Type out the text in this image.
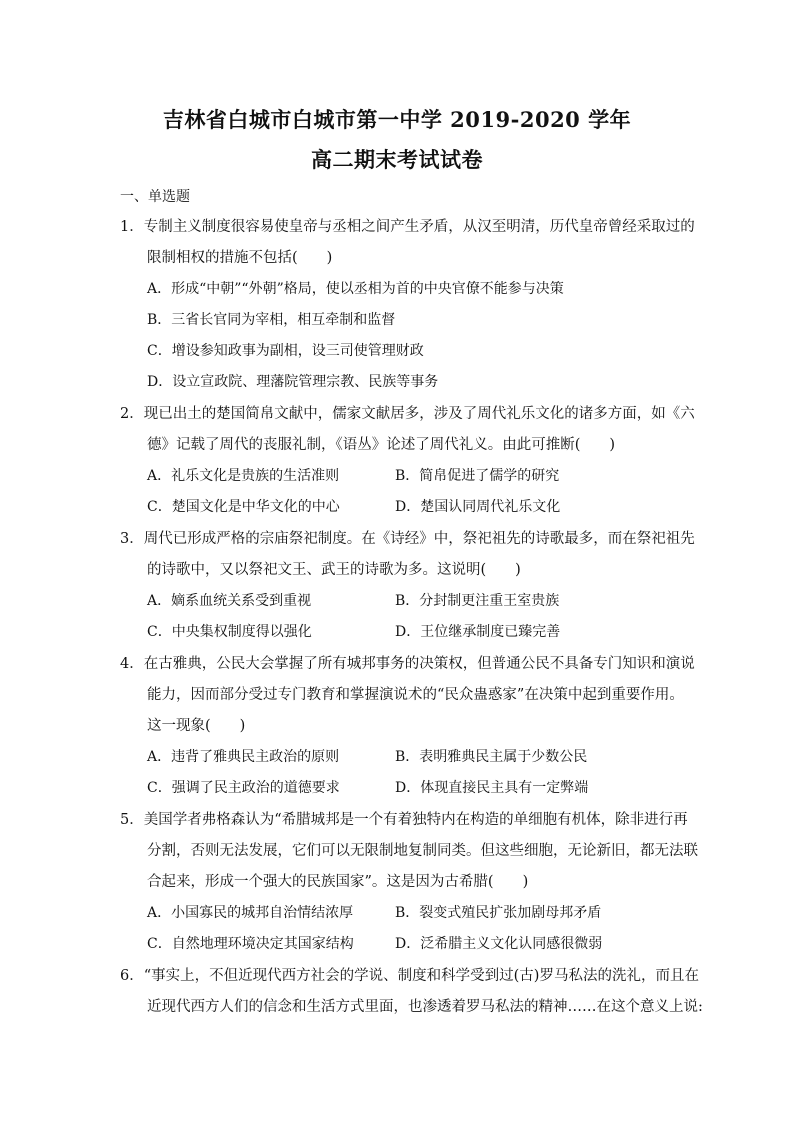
吉林省白城市白城市第一中学 2019-2020 学年
高二期末考试试卷
一、单选题
1．专制主义制度很容易使皇帝与丞相之间产生矛盾，从汉至明清，历代皇帝曾经采取过的
限制相权的措施不包括(　　)
A．形成“中朝”“外朝”格局，使以丞相为首的中央官僚不能参与决策
B．三省长官同为宰相，相互牵制和监督
C．增设参知政事为副相，设三司使管理财政
D．设立宣政院、理藩院管理宗教、民族等事务
2．现已出土的楚国简帛文献中，儒家文献居多，涉及了周代礼乐文化的诸多方面，如《六
德》记载了周代的丧服礼制，《语丛》论述了周代礼义。由此可推断(　　)
A．礼乐文化是贵族的生活准则	B．简帛促进了儒学的研究
C．楚国文化是中华文化的中心	D．楚国认同周代礼乐文化
3．周代已形成严格的宗庙祭祀制度。在《诗经》中，祭祀祖先的诗歌最多，而在祭祀祖先
的诗歌中，又以祭祀文王、武王的诗歌为多。这说明(　　)
A．嫡系血统关系受到重视	B．分封制更注重王室贵族
C．中央集权制度得以强化	D．王位继承制度已臻完善
4．在古雅典，公民大会掌握了所有城邦事务的决策权，但普通公民不具备专门知识和演说
能力，因而部分受过专门教育和掌握演说术的“民众蛊惑家”在决策中起到重要作用。
这一现象(　　)
A．违背了雅典民主政治的原则	B．表明雅典民主属于少数公民
C．强调了民主政治的道德要求	D．体现直接民主具有一定弊端
5．美国学者弗格森认为“希腊城邦是一个有着独特内在构造的单细胞有机体，除非进行再
分割，否则无法发展，它们可以无限制地复制同类。但这些细胞，无论新旧，都无法联
合起来，形成一个强大的民族国家”。这是因为古希腊(　　)
A．小国寡民的城邦自治情结浓厚	B．裂变式殖民扩张加剧母邦矛盾
C．自然地理环境决定其国家结构	D．泛希腊主义文化认同感很微弱
6．“事实上，不但近现代西方社会的学说、制度和科学受到过(古)罗马私法的洗礼，而且在
近现代西方人们的信念和生活方式里面，也渗透着罗马私法的精神……在这个意义上说:
